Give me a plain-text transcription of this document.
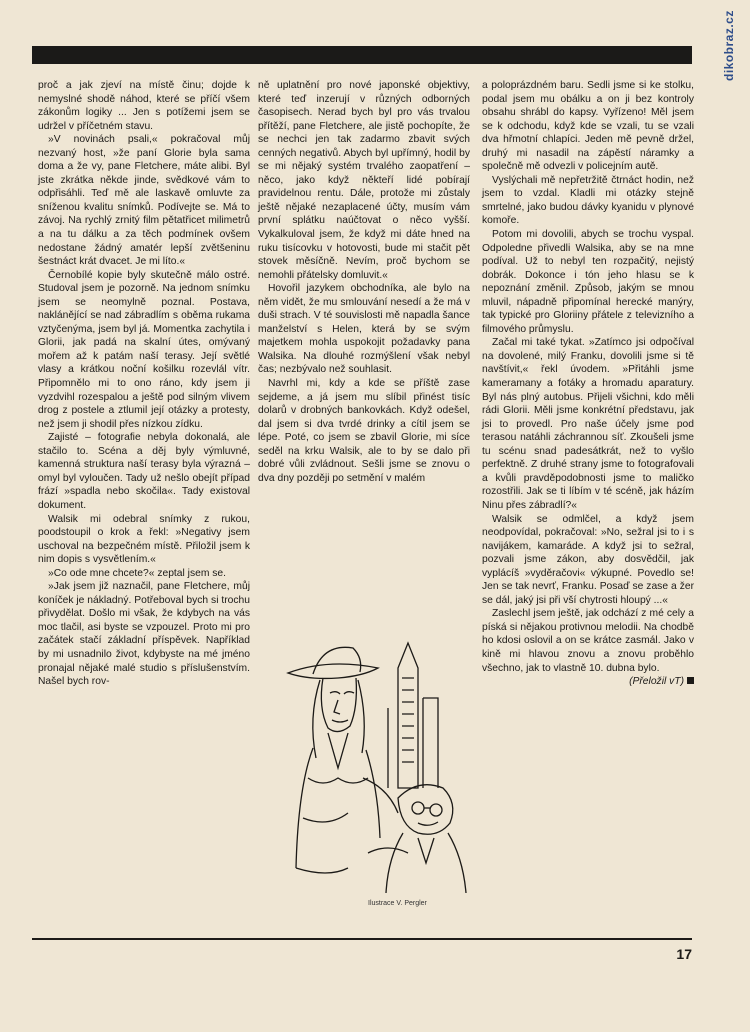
dikobraz.cz

proč a jak zjeví na místě činu; dojde k nemyslné shodě náhod, které se příčí všem zákonům logiky ... Jen s potížemi jsem se udržel v příčetném stavu.

»V novinách psali,« pokračoval můj nezvaný host, »že paní Glorie byla sama doma a že vy, pane Fletchere, máte alibi. Byl jste zkrátka někde jinde, svědkové vám to odpřisáhli. Teď mě ale laskavě omluvte za sníženou kvalitu snímků. Podívejte se. Má to závoj. Na rychlý zrnitý film pětatřicet milimetrů a na tu dálku a za těch podmínek ovšem nedostane žádný amatér lepší zvětšeninu šestnáct krát dvacet. Je mi líto.«

Černobílé kopie byly skutečně málo ostré. Studoval jsem je pozorně. Na jednom snímku jsem se neomylně poznal. Postava, naklánějící se nad zábradlím s oběma rukama vztyčenýma, jsem byl já. Momentka zachytila i Glorii, jak padá na skalní útes, omývaný mořem až k patám naší terasy. Její světlé vlasy a krátkou noční košilku rozevlál vítr. Připomnělo mi to ono ráno, kdy jsem ji vyzdvihl rozespalou a ještě pod silným vlivem drog z postele a ztlumil její otázky a protesty, než jsem ji shodil přes nízkou zídku.

Zajisté – fotografie nebyla dokonalá, ale stačilo to. Scéna a děj byly výmluvné, kamenná struktura naší terasy byla výrazná – omyl byl vyloučen. Tady už nešlo obejít případ frází »spadla nebo skočila«. Tady existoval dokument.

Walsik mi odebral snímky z rukou, poodstoupil o krok a řekl: »Negativy jsem uschoval na bezpečném místě. Přiložil jsem k nim dopis s vysvětlením.«

»Co ode mne chcete?« zeptal jsem se.

»Jak jsem již naznačil, pane Fletchere, můj koníček je nákladný. Potřeboval bych si trochu přivydělat. Došlo mi však, že kdybych na vás moc tlačil, asi byste se vzpouzel. Proto mi pro začátek stačí základní příspěvek. Například by mi usnadnilo život, kdybyste na mé jméno pronajal nějaké malé studio s příslušenstvím. Našel bych rov-

ně uplatnění pro nové japonské objektivy, které teď inzerují v různých odborných časopisech. Nerad bych byl pro vás trvalou přítěží, pane Fletchere, ale jistě pochopíte, že se nechci jen tak zadarmo zbavit svých cenných negativů. Abych byl upřímný, hodil by se mi nějaký systém trvalého zaopatření – něco, jako když někteří lidé pobírají pravidelnou rentu. Dále, protože mi zůstaly ještě nějaké nezaplacené účty, musím vám první splátku naúčtovat o něco vyšší. Vykalkuloval jsem, že když mi dáte hned na ruku tisícovku v hotovosti, bude mi stačit pět stovek měsíčně. Nevím, proč bychom se nemohli přátelsky domluvit.«

Hovořil jazykem obchodníka, ale bylo na něm vidět, že mu smlouvání nesedí a že má v duši strach. V té souvislosti mě napadla šance manželství s Helen, která by se svým majetkem mohla uspokojit požadavky pana Walsika. Na dlouhé rozmýšlení však nebyl čas; nezbývalo než souhlasit.

Navrhl mi, kdy a kde se příště zase sejdeme, a já jsem mu slíbil přinést tisíc dolarů v drobných bankovkách. Když odešel, dal jsem si dva tvrdé drinky a cítil jsem se lépe. Poté, co jsem se zbavil Glorie, mi síce seděl na krku Walsik, ale to by se dalo při dobré vůli zvládnout. Sešli jsme se znovu o dva dny později po setmění v malém

a poloprázdném baru. Sedli jsme si ke stolku, podal jsem mu obálku a on ji bez kontroly obsahu shrábl do kapsy. Vyřízeno! Měl jsem se k odchodu, když kde se vzali, tu se vzali dva hřmotní chlapíci. Jeden mě pevně držel, druhý mi nasadil na zápěstí náramky a společně mě odvezli v policejním autě.

Vyslýchali mě nepřetržitě čtrnáct hodin, než jsem to vzdal. Kladli mi otázky stejně smrtelné, jako budou dávky kyanidu v plynové komoře.

Potom mi dovolili, abych se trochu vyspal. Odpoledne přivedli Walsika, aby se na mne podíval. Už to nebyl ten rozpačitý, nejistý dobrák. Dokonce i tón jeho hlasu se k nepoznání změnil. Způsob, jakým se mnou mluvil, nápadně připomínal herecké manýry, tak typické pro Gloriiny přátele z televizního a filmového průmyslu.

Začal mi také tykat. »Zatímco jsi odpočíval na dovolené, milý Franku, dovolili jsme si tě navštívit,« řekl úvodem. »Přitáhli jsme kameramany a fotáky a hromadu aparatury. Byl nás plný autobus. Přijeli všichni, kdo měli rádi Glorii. Měli jsme konkrétní představu, jak jsi to provedl. Pro naše účely jsme pod terasou natáhli záchrannou síť. Zkoušeli jsme tu scénu snad padesátkrát, než to vyšlo perfektně. Z druhé strany jsme to fotografovali a kvůli pravděpodobnosti jsme to maličko rozostřili. Jak se ti líbím v té scéně, jak házím Ninu přes zábradlí?«

Walsik se odmlčel, a když jsem neodpovídal, pokračoval: »No, sežral jsi to i s navijákem, kamaráde. A když jsi to sežral, pozvali jsme zákon, aby dosvědčil, jak vyplácíš »vyděračovi« výkupné. Povedlo se! Jen se tak nevrť, Franku. Posaď se zase a žer se dál, jaký jsi při vší chytrosti hloupý ...«

Zaslechl jsem ještě, jak odchází z mé cely a píská si nějakou protivnou melodii. Na chodbě ho kdosi oslovil a on se krátce zasmál. Jako v kině mi hlavou znovu a znovu proběhlo všechno, jak to vlastně 10. dubna bylo.

(Přeložil vT)

Ilustrace V. Pergler
17
